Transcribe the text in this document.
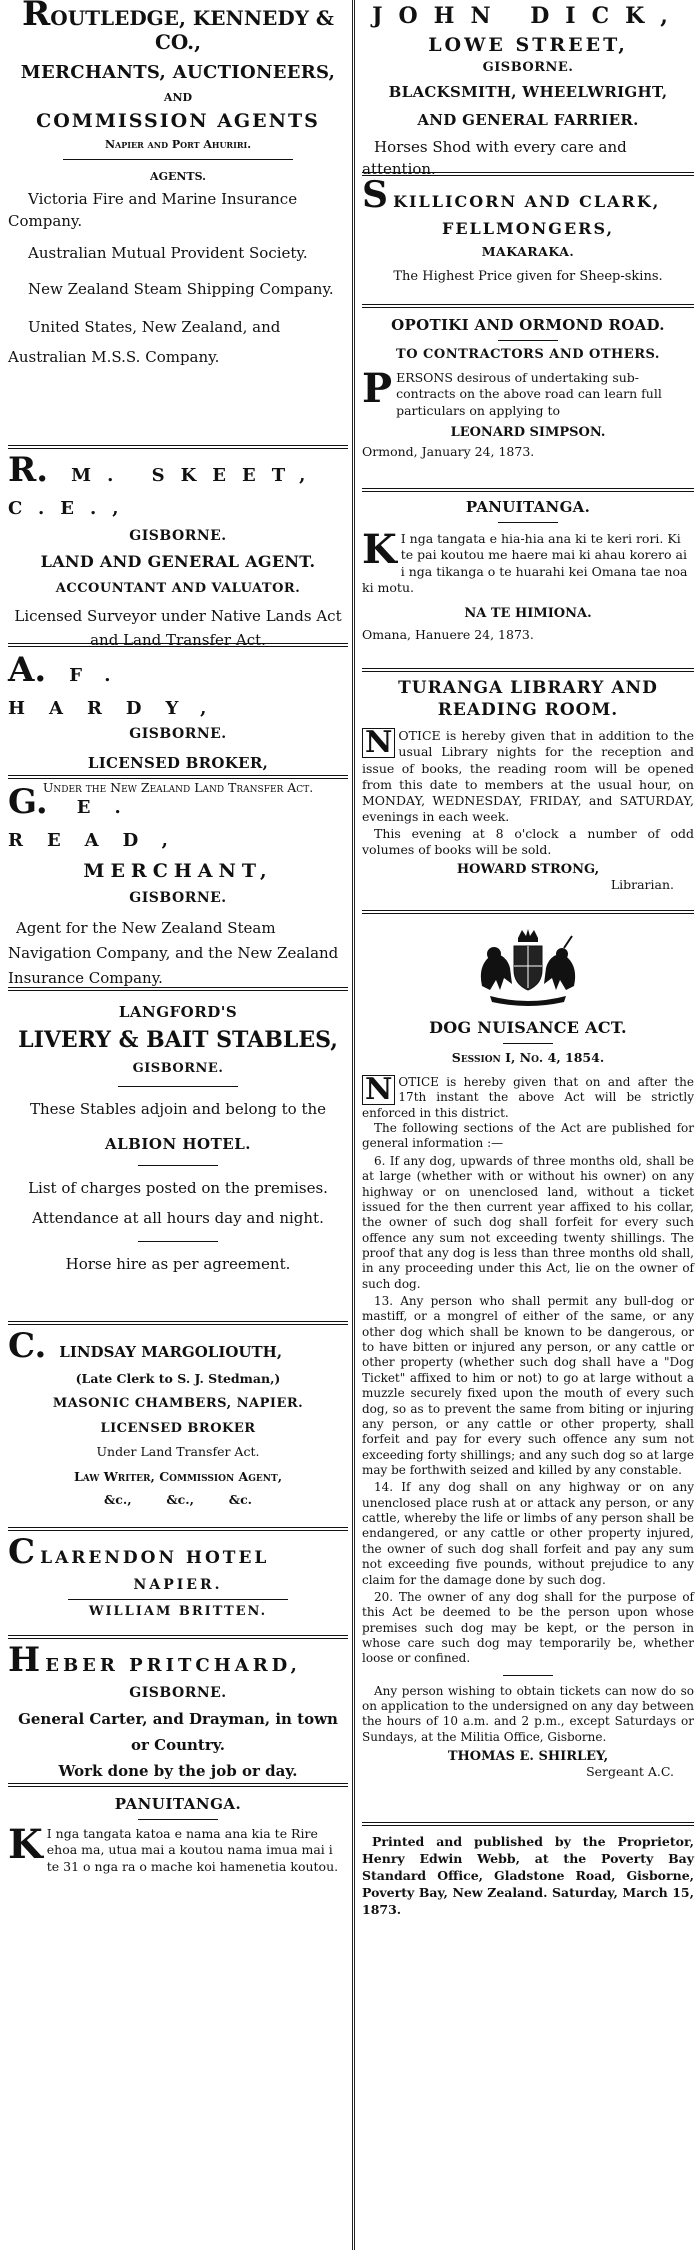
ROUTLEDGE, KENNEDY & CO.,
MERCHANTS, AUCTIONEERS,
AND
COMMISSION AGENTS
Napier and Port Ahuriri.
AGENTS.

Victoria Fire and Marine Insurance Company.

Australian Mutual Provident Society.

New Zealand Steam Shipping Company.

United States, New Zealand, and Australian M.S.S. Company.

R. M. SKEET, C.E.,
GISBORNE.
LAND AND GENERAL AGENT.
ACCOUNTANT AND VALUATOR.

Licensed Surveyor under Native Lands Act and Land Transfer Act.

A. F. HARDY,
GISBORNE.
LICENSED BROKER,

Under the New Zealand Land Transfer Act.

G. E. READ,
MERCHANT,
GISBORNE.

Agent for the New Zealand Steam Navigation Company, and the New Zealand Insurance Company.

LANGFORD'S
LIVERY & BAIT STABLES,
GISBORNE.

These Stables adjoin and belong to the

ALBION HOTEL.

List of charges posted on the premises.

Attendance at all hours day and night.

Horse hire as per agreement.

C. LINDSAY MARGOLIOUTH,
(Late Clerk to S. J. Stedman,)
MASONIC CHAMBERS, NAPIER.
LICENSED BROKER
Under Land Transfer Act.
Law Writer, Commission Agent,
&c.,        &c.,        &c.
C LARENDON HOTEL
NAPIER.
WILLIAM BRITTEN.
H EBER PRITCHARD,
GISBORNE.

General Carter, and Drayman, in town

or Country.

Work done by the job or day.

PANUITANGA.

K I nga tangata katoa e nama ana kia te Rire ehoa ma, utua mai a koutou nama imua mai i te 31 o nga ra o mache koi hamenetia koutou.

JOHN DICK,
LOWE STREET,
GISBORNE.
BLACKSMITH, WHEELWRIGHT,
AND GENERAL FARRIER.

Horses Shod with every care and attention.

S KILLICORN AND CLARK,
FELLMONGERS,
MAKARAKA.

The Highest Price given for Sheep-skins.

OPOTIKI AND ORMOND ROAD.
TO CONTRACTORS AND OTHERS.

P ERSONS desirous of undertaking sub-contracts on the above road can learn full particulars on applying to

LEONARD SIMPSON.
Ormond, January 24, 1873.
PANUITANGA.

K I nga tangata e hia-hia ana ki te keri rori. Ki te pai koutou me haere mai ki ahau korero ai i nga tikanga o te huarahi kei Omana tae noa ki motu.

NA TE HIMIONA.
Omana, Hanuere 24, 1873.
TURANGA LIBRARY AND
READING ROOM.

N OTICE is hereby given that in addition to the usual Library nights for the reception and issue of books, the reading room will be opened from this date to members at the usual hour, on MONDAY, WEDNESDAY, FRIDAY, and SATURDAY, evenings in each week.

This evening at 8 o'clock a number of odd volumes of books will be sold.

HOWARD STRONG,
Librarian.
DOG NUISANCE ACT.
Session I, No. 4, 1854.

N OTICE is hereby given that on and after the 17th instant the above Act will be strictly enforced in this district.

The following sections of the Act are published for general information :—

6. If any dog, upwards of three months old, shall be at large (whether with or without his owner) on any highway or on unenclosed land, without a ticket issued for the then current year affixed to his collar, the owner of such dog shall forfeit for every such offence any sum not exceeding twenty shillings. The proof that any dog is less than three months old shall, in any proceeding under this Act, lie on the owner of such dog.

13. Any person who shall permit any bull-dog or mastiff, or a mongrel of either of the same, or any other dog which shall be known to be dangerous, or to have bitten or injured any person, or any cattle or other property (whether such dog shall have a "Dog Ticket" affixed to him or not) to go at large without a muzzle securely fixed upon the mouth of every such dog, so as to prevent the same from biting or injuring any person, or any cattle or other property, shall forfeit and pay for every such offence any sum not exceeding forty shillings; and any such dog so at large may be forthwith seized and killed by any constable.

14. If any dog shall on any highway or on any unenclosed place rush at or attack any person, or any cattle, whereby the life or limbs of any person shall be endangered, or any cattle or other property injured, the owner of such dog shall forfeit and pay any sum not exceeding five pounds, without prejudice to any claim for the damage done by such dog.

20. The owner of any dog shall for the purpose of this Act be deemed to be the person upon whose premises such dog may be kept, or the person in whose care such dog may temporarily be, whether loose or confined.

Any person wishing to obtain tickets can now do so on application to the undersigned on any day between the hours of 10 a.m. and 2 p.m., except Saturdays or Sundays, at the Militia Office, Gisborne.

THOMAS E. SHIRLEY,
Sergeant A.C.

Printed and published by the Proprietor, Henry Edwin Webb, at the Poverty Bay Standard Office, Gladstone Road, Gisborne, Poverty Bay, New Zealand. Saturday, March 15, 1873.
